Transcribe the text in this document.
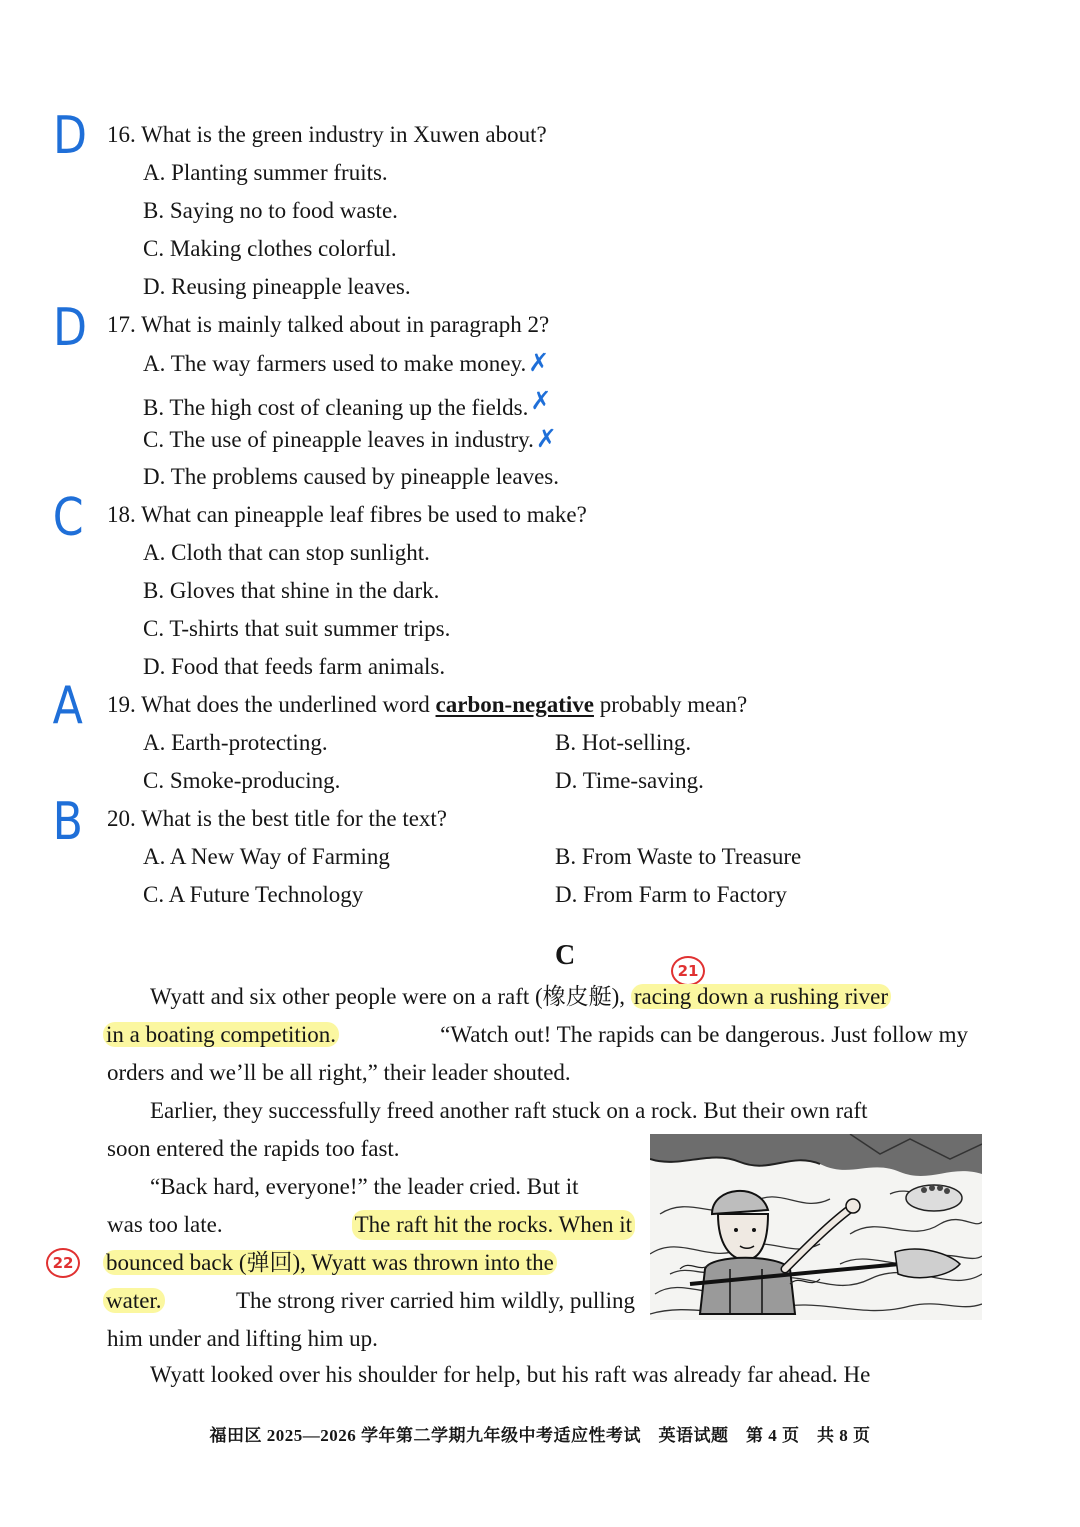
D 16. What is the green industry in Xuwen about?
A. Planting summer fruits.
B. Saying no to food waste.
C. Making clothes colorful.
D. Reusing pineapple leaves.
D 17. What is mainly talked about in paragraph 2?
A. The way farmers used to make money.✗
B. The high cost of cleaning up the fields.✗
C. The use of pineapple leaves in industry.✗
D. The problems caused by pineapple leaves.
C 18. What can pineapple leaf fibres be used to make?
A. Cloth that can stop sunlight.
B. Gloves that shine in the dark.
C. T-shirts that suit summer trips.
D. Food that feeds farm animals.
A 19. What does the underlined word carbon-negative probably mean?
A. Earth-protecting.	B. Hot-selling.
C. Smoke-producing.	D. Time-saving.
B 20. What is the best title for the text?
A. A New Way of Farming	B. From Waste to Treasure
C. A Future Technology	D. From Farm to Factory
C	21
22
Wyatt and six other people were on a raft (橡皮艇), racing down a rushing river
in a boating competition.	“Watch out! The rapids can be dangerous. Just follow my
orders and we’ll be all right,” their leader shouted.
Earlier, they successfully freed another raft stuck on a rock. But their own raft
soon entered the rapids too fast.
“Back hard, everyone!” the leader cried. But it
was too late.	The raft hit the rocks. When it
bounced back (弹回), Wyatt was thrown into the
water.	The strong river carried him wildly, pulling
him under and lifting him up.
Wyatt looked over his shoulder for help, but his raft was already far ahead. He
福田区 2025—2026 学年第二学期九年级中考适应性考试　英语试题　第 4 页　共 8 页
